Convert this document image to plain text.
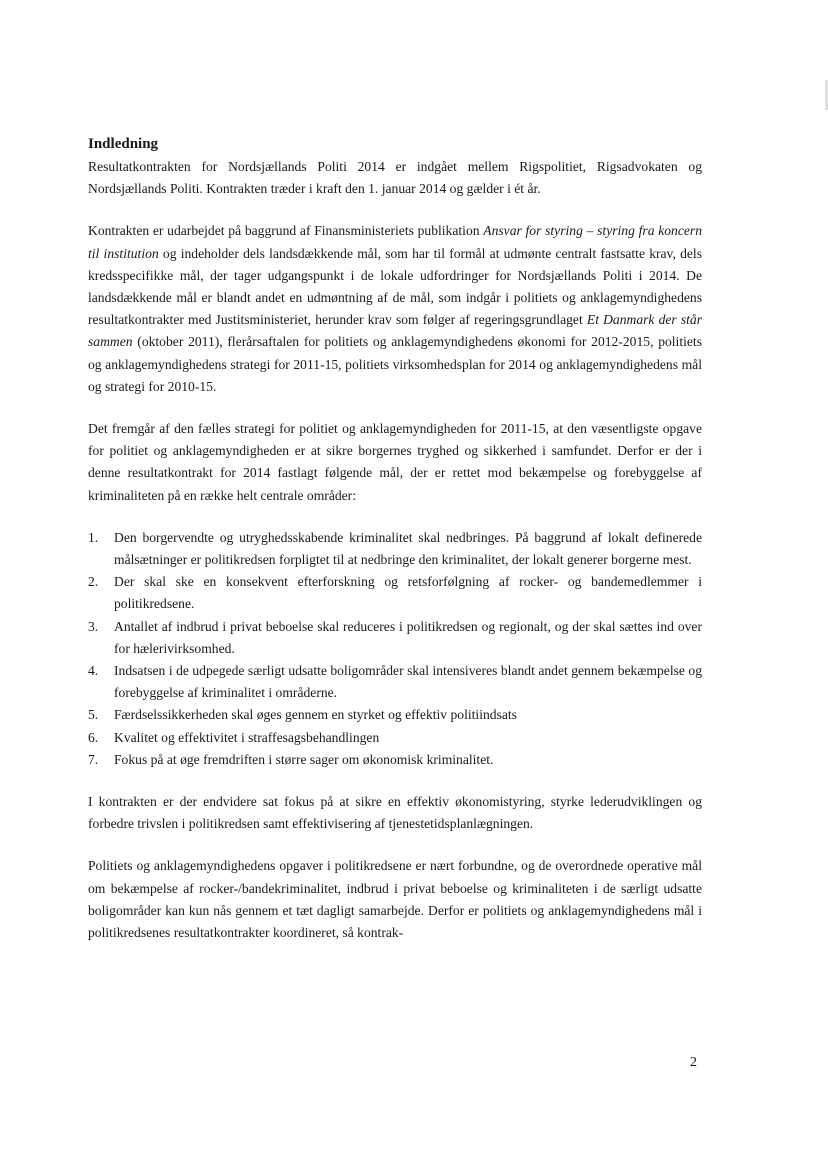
Indledning

Resultatkontrakten for Nordsjællands Politi 2014 er indgået mellem Rigspolitiet, Rigsadvokaten og Nordsjællands Politi. Kontrakten træder i kraft den 1. januar 2014 og gælder i ét år.

Kontrakten er udarbejdet på baggrund af Finansministeriets publikation Ansvar for styring – styring fra koncern til institution og indeholder dels landsdækkende mål, som har til formål at udmønte centralt fastsatte krav, dels kredsspecifikke mål, der tager udgangspunkt i de lokale udfordringer for Nordsjællands Politi i 2014. De landsdækkende mål er blandt andet en udmøntning af de mål, som indgår i politiets og anklagemyndighedens resultatkontrakter med Justitsministeriet, herunder krav som følger af regeringsgrundlaget Et Danmark der står sammen (oktober 2011), flerårsaftalen for politiets og anklagemyndighedens økonomi for 2012-2015, politiets og anklagemyndighedens strategi for 2011-15, politiets virksomhedsplan for 2014 og anklagemyndighedens mål og strategi for 2010-15.

Det fremgår af den fælles strategi for politiet og anklagemyndigheden for 2011-15, at den væsentligste opgave for politiet og anklagemyndigheden er at sikre borgernes tryghed og sikkerhed i samfundet. Derfor er der i denne resultatkontrakt for 2014 fastlagt følgende mål, der er rettet mod bekæmpelse og forebyggelse af kriminaliteten på en række helt centrale områder:

1. Den borgervendte og utryghedsskabende kriminalitet skal nedbringes. På baggrund af lokalt definerede målsætninger er politikredsen forpligtet til at nedbringe den kriminalitet, der lokalt generer borgerne mest.
2. Der skal ske en konsekvent efterforskning og retsforfølgning af rocker- og bandemedlemmer i politikredsene.
3. Antallet af indbrud i privat beboelse skal reduceres i politikredsen og regionalt, og der skal sættes ind over for hælerivirksomhed.
4. Indsatsen i de udpegede særligt udsatte boligområder skal intensiveres blandt andet gennem bekæmpelse og forebyggelse af kriminalitet i områderne.
5. Færdselssikkerheden skal øges gennem en styrket og effektiv politiindsats
6. Kvalitet og effektivitet i straffesagsbehandlingen
7. Fokus på at øge fremdriften i større sager om økonomisk kriminalitet.

I kontrakten er der endvidere sat fokus på at sikre en effektiv økonomistyring, styrke lederudviklingen og forbedre trivslen i politikredsen samt effektivisering af tjenestetidsplanlægningen.

Politiets og anklagemyndighedens opgaver i politikredsene er nært forbundne, og de overordnede operative mål om bekæmpelse af rocker-/bandekriminalitet, indbrud i privat beboelse og kriminaliteten i de særligt udsatte boligområder kan kun nås gennem et tæt dagligt samarbejde. Derfor er politiets og anklagemyndighedens mål i politikredsenes resultatkontrakter koordineret, så kontrak-

2
